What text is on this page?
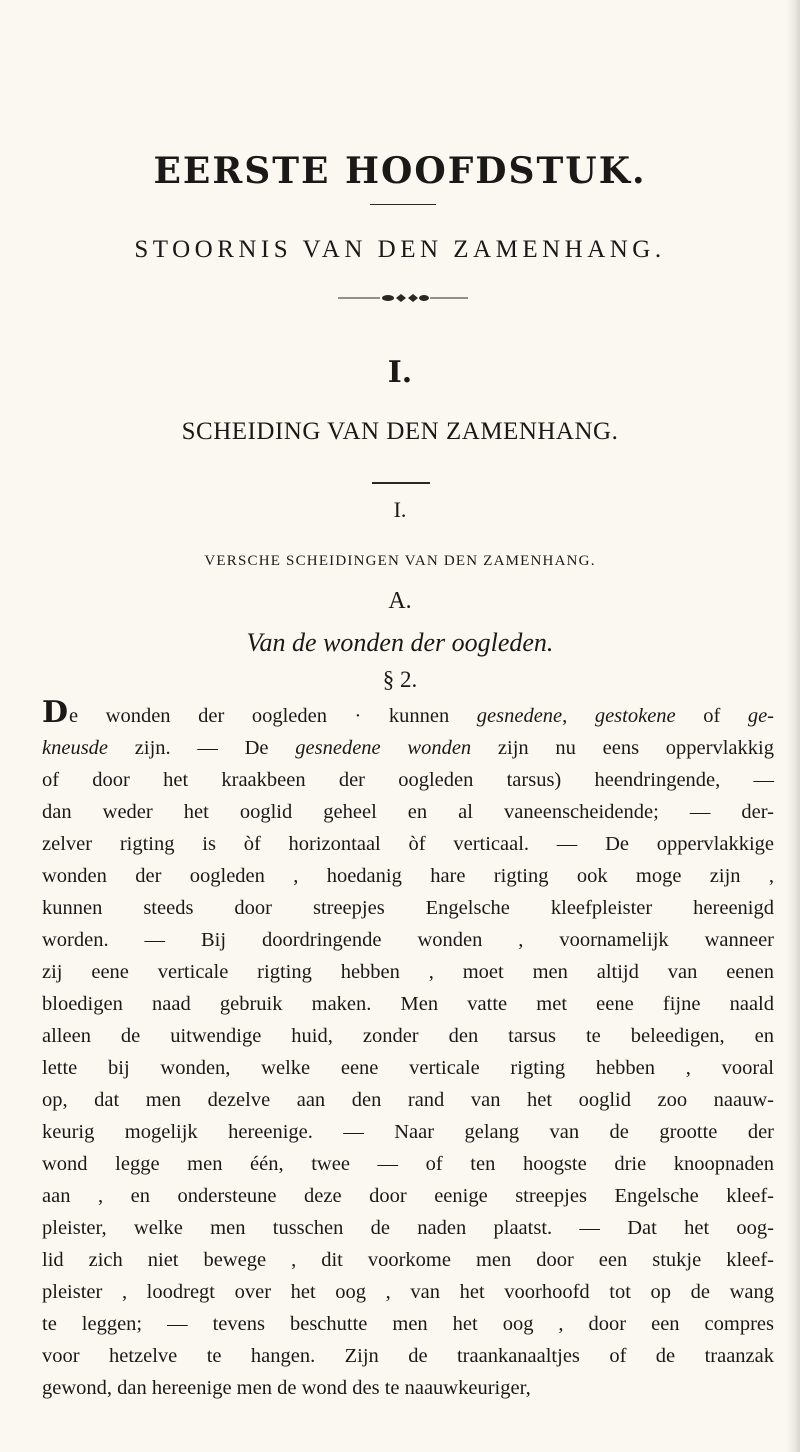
EERSTE HOOFDSTUK.
STOORNIS VAN DEN ZAMENHANG.
I.
SCHEIDING VAN DEN ZAMENHANG.
I.
VERSCHE SCHEIDINGEN VAN DEN ZAMENHANG.
A.
Van de wonden der oogleden.
§ 2.
De wonden der oogleden · kunnen gesnedene, gestokene of ge-
kneusde zijn. — De gesnedene wonden zijn nu eens oppervlakkig
of door het kraakbeen der oogleden tarsus) heendringende, —
dan weder het ooglid geheel en al vaneenscheidende; — der-
zelver rigting is òf horizontaal òf verticaal. — De oppervlakkige
wonden der oogleden , hoedanig hare rigting ook moge zijn ,
kunnen steeds door streepjes Engelsche kleefpleister hereenigd
worden. — Bij doordringende wonden , voornamelijk wanneer
zij eene verticale rigting hebben , moet men altijd van eenen
bloedigen naad gebruik maken. Men vatte met eene fijne naald
alleen de uitwendige huid, zonder den tarsus te beleedigen, en
lette bij wonden, welke eene verticale rigting hebben , vooral
op, dat men dezelve aan den rand van het ooglid zoo naauw-
keurig mogelijk hereenige. — Naar gelang van de grootte der
wond legge men één, twee — of ten hoogste drie knoopnaden
aan , en ondersteune deze door eenige streepjes Engelsche kleef-
pleister, welke men tusschen de naden plaatst. — Dat het oog-
lid zich niet bewege , dit voorkome men door een stukje kleef-
pleister , loodregt over het oog , van het voorhoofd tot op de wang
te leggen; — tevens beschutte men het oog , door een compres
voor hetzelve te hangen. Zijn de traankanaaltjes of de traanzak
gewond, dan hereenige men de wond des te naauwkeuriger,
